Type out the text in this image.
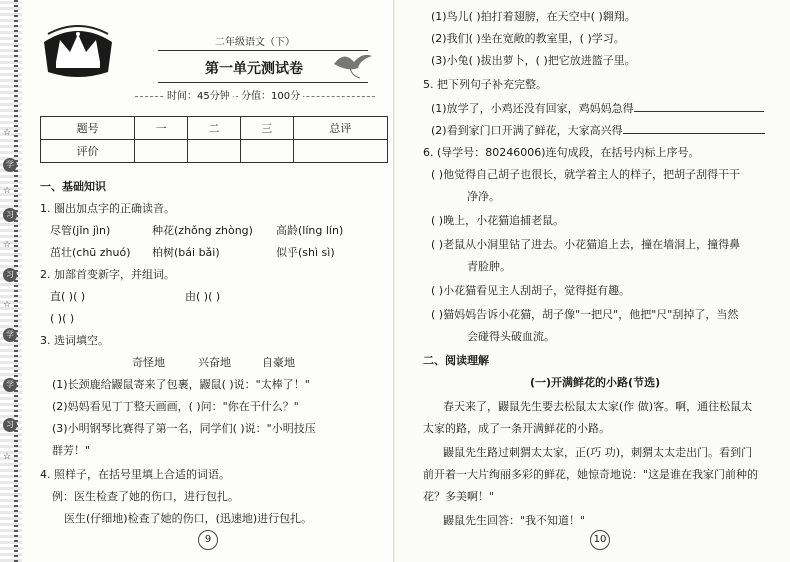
☆
学
习
☆
习
☆
学
☆
学
习
☆
二年级语文（下）
第一单元测试卷
时间：45分钟	分值：100分
题号	一	二	三	总评
评价				
一、基础知识
1. 圈出加点字的正确读音。
尽管(jǐn jìn)	种花(zhǒng zhòng) 高龄(líng lín)
茁壮(chū zhuó) 柏树(bái bǎi)	似乎(shì sì)
2. 加部首变新字，并组词。
直( )( )	由( )( )
( )( )
3. 选词填空。
奇怪地	兴奋地	自豪地
(1)长颈鹿给鼹鼠寄来了包裹，鼹鼠( )说："太棒了！"
(2)妈妈看见丁丁整天画画，( )问："你在干什么？"
(3)小明钢琴比赛得了第一名，同学们( )说："小明技压
群芳！"
4. 照样子，在括号里填上合适的词语。
例：医生检查了她的伤口，进行包扎。
医生(仔细地)检查了她的伤口，(迅速地)进行包扎。
9
(1)鸟儿( )拍打着翅膀，在天空中( )翱翔。
(2)我们( )坐在宽敞的教室里，( )学习。
(3)小兔( )拔出萝卜，( )把它放进篮子里。
5. 把下列句子补充完整。
(1)放学了，小鸡还没有回家，鸡妈妈急得
(2)看到家门口开满了鲜花，大家高兴得
6. (导学号：80246006)连句成段，在括号内标上序号。
( )他觉得自己胡子也很长，就学着主人的样子，把胡子刮得干干
净净。
( )晚上，小花猫追捕老鼠。
( )老鼠从小洞里钻了进去。小花猫追上去，撞在墙洞上，撞得鼻
青脸肿。
( )小花猫看见主人刮胡子，觉得挺有趣。
( )猫妈妈告诉小花猫，胡子像"一把尺"，他把"尺"刮掉了，当然
会碰得头破血流。
二、阅读理解
(一)开满鲜花的小路(节选)
春天来了，鼹鼠先生要去松鼠太太家(作 做)客。啊，通往松鼠太
太家的路，成了一条开满鲜花的小路。
鼹鼠先生路过刺猬太太家，正(巧 功)，刺猬太太走出门。看到门
前开着一大片绚丽多彩的鲜花，她惊奇地说："这是谁在我家门前种的
花？多美啊！"
鼹鼠先生回答："我不知道！"
10
